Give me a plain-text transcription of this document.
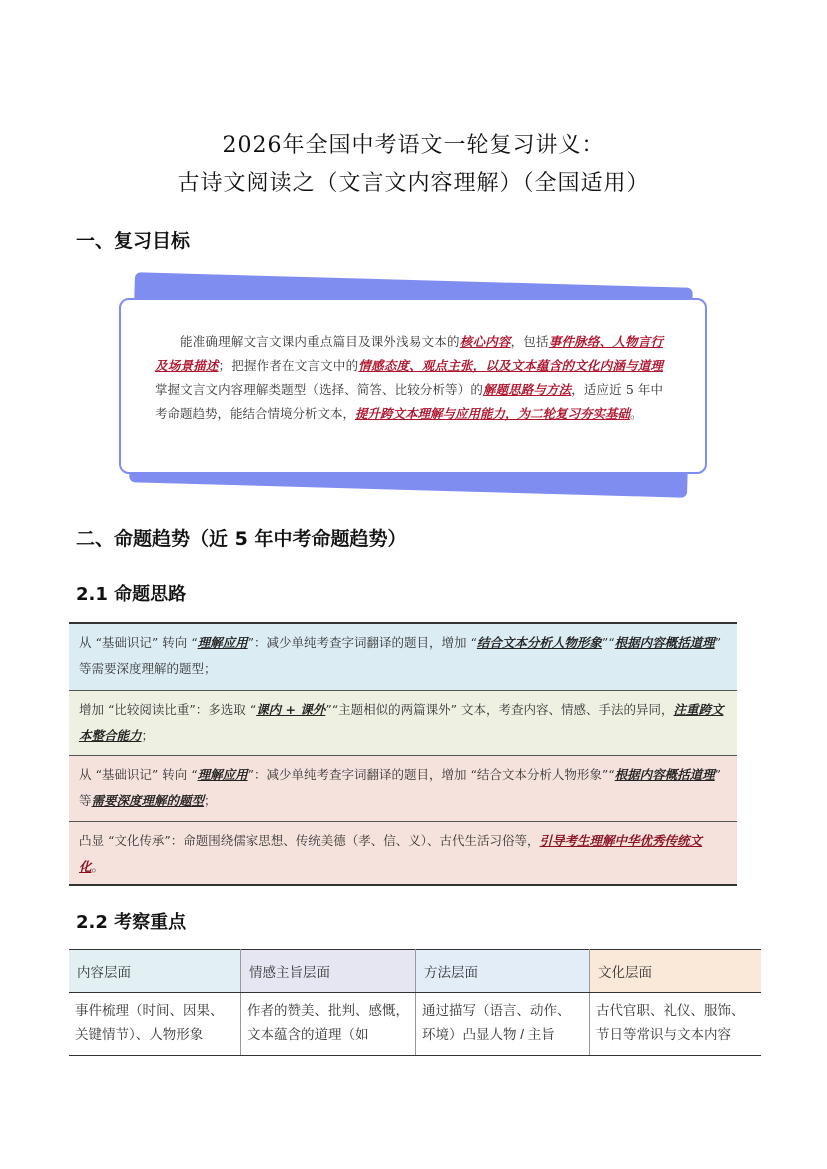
2026年全国中考语文一轮复习讲义：
古诗文阅读之（文言文内容理解）（全国适用）
一、复习目标

能准确理解文言文课内重点篇目及课外浅易文本的核心内容，包括事件脉络、人物言行及场景描述；把握作者在文言文中的情感态度、观点主张，以及文本蕴含的文化内涵与道理掌握文言文内容理解类题型（选择、简答、比较分析等）的解题思路与方法，适应近 5 年中考命题趋势，能结合情境分析文本，提升跨文本理解与应用能力，为二轮复习夯实基础。

二、命题趋势（近 5 年中考命题趋势）
2.1 命题思路
从 “基础识记” 转向 “理解应用”：减少单纯考查字词翻译的题目，增加 “结合文本分析人物形象”“根据内容概括道理” 等需要深度理解的题型；
增加 “比较阅读比重”：多选取 “课内 + 课外”“主题相似的两篇课外” 文本，考查内容、情感、手法的异同，注重跨文本整合能力；
从 “基础识记” 转向 “理解应用”：减少单纯考查字词翻译的题目，增加 “结合文本分析人物形象”“根据内容概括道理” 等需要深度理解的题型；
凸显 “文化传承”：命题围绕儒家思想、传统美德（孝、信、义）、古代生活习俗等，引导考生理解中华优秀传统文化。
2.2 考察重点
内容层面	情感主旨层面	方法层面	文化层面
事件梳理（时间、因果、关键情节）、人物形象	作者的赞美、批判、感慨，文本蕴含的道理（如	通过描写（语言、动作、环境）凸显人物 / 主旨	古代官职、礼仪、服饰、节日等常识与文本内容
